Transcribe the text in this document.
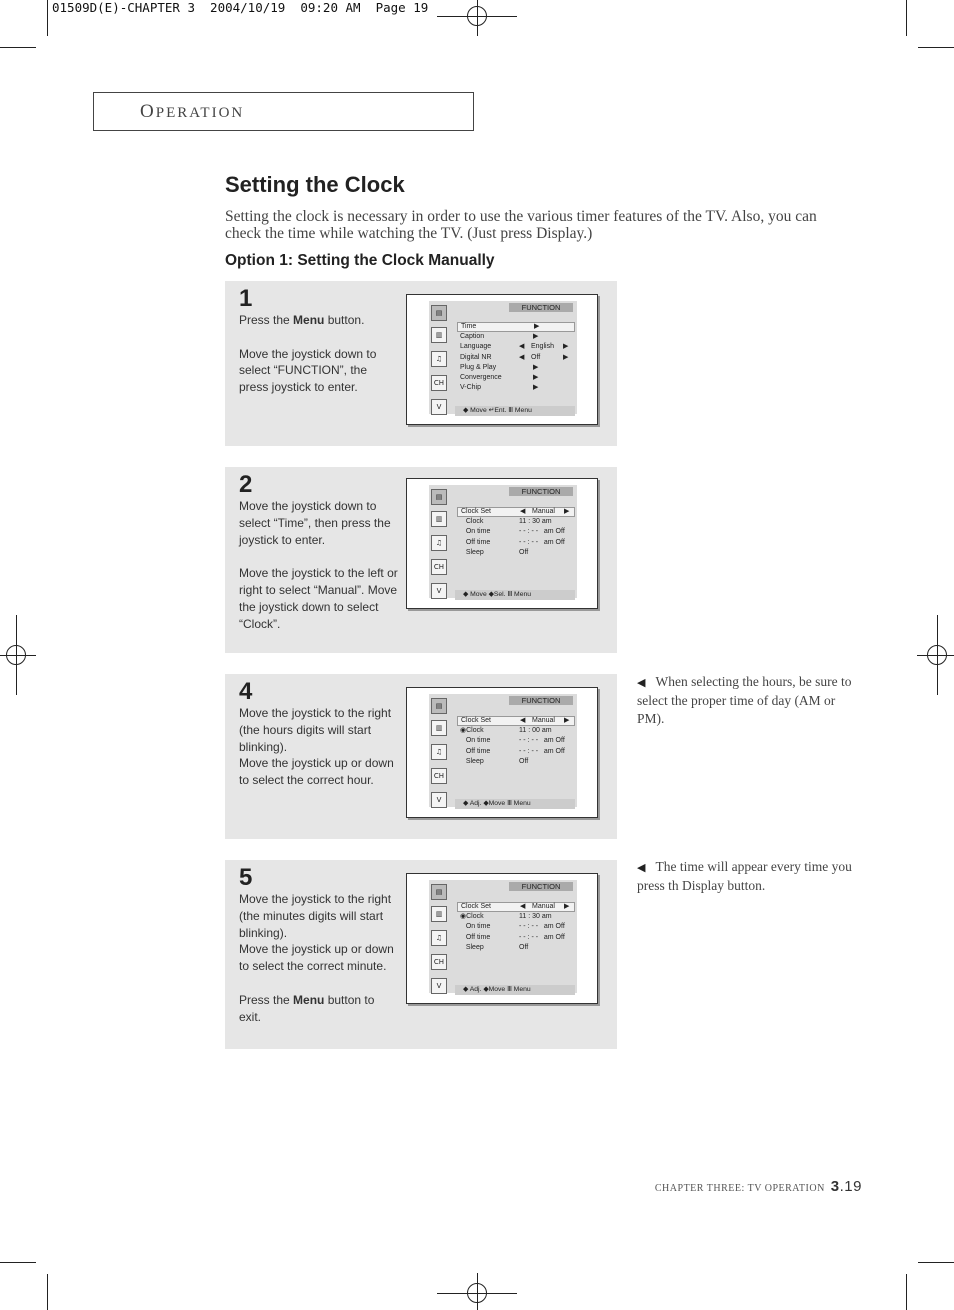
01509D(E)-CHAPTER 3  2004/10/19  09:20 AM  Page 19
OPERATION
Setting the Clock
Setting the clock is necessary in order to use the various timer features of the TV. Also, you can check the time while watching the TV. (Just press Display.)
Option 1: Setting the Clock Manually
1

Press the Menu button.

Move the joystick down to select “FUNCTION”, the press joystick to enter.

▤
▥
♫
CH
V
FUNCTION
Time	▶
Caption	▶
Language	◀ English ▶
Digital NR	◀ Off	▶
Plug & Play	▶
Convergence	▶
V-Chip	▶
◆ Move ↵Ent. Ⅲ Menu
2

Move the joystick down to select “Time”, then press the joystick to enter.

Move the joystick to the left or right to select “Manual”. Move the joystick down to select “Clock”.

▤
▥
♫
CH
V
FUNCTION
Clock Set	◀ Manual ▶
Clock	11 : 30 am
On time	- - : - -   am Off
Off time	- - : - -   am Off
Sleep	Off
◆ Move ◆Sel. Ⅲ Menu
4

Move the joystick to the right (the hours digits will start blinking).

Move the joystick up or down to select the correct hour.

▤
▥
♫
CH
V
FUNCTION
Clock Set	◀ Manual ▶
◉Clock	11 : 00 am
On time	- - : - -   am Off
Off time	- - : - -   am Off
Sleep	Off
◆ Adj. ◆Move Ⅲ Menu
5

Move the joystick to the right (the minutes digits will start blinking).

Move the joystick up or down to select the correct minute.

Press the Menu button to exit.

▤
▥
♫
CH
V
FUNCTION
Clock Set	◀ Manual ▶
◉Clock	11 : 30 am
On time	- - : - -   am Off
Off time	- - : - -   am Off
Sleep	Off
◆ Adj. ◆Move Ⅲ Menu
◀ When selecting the hours, be sure to select the proper time of day (AM or PM).
◀ The time will appear every time you press th Display button.
CHAPTER THREE: TV OPERATION 3.19
